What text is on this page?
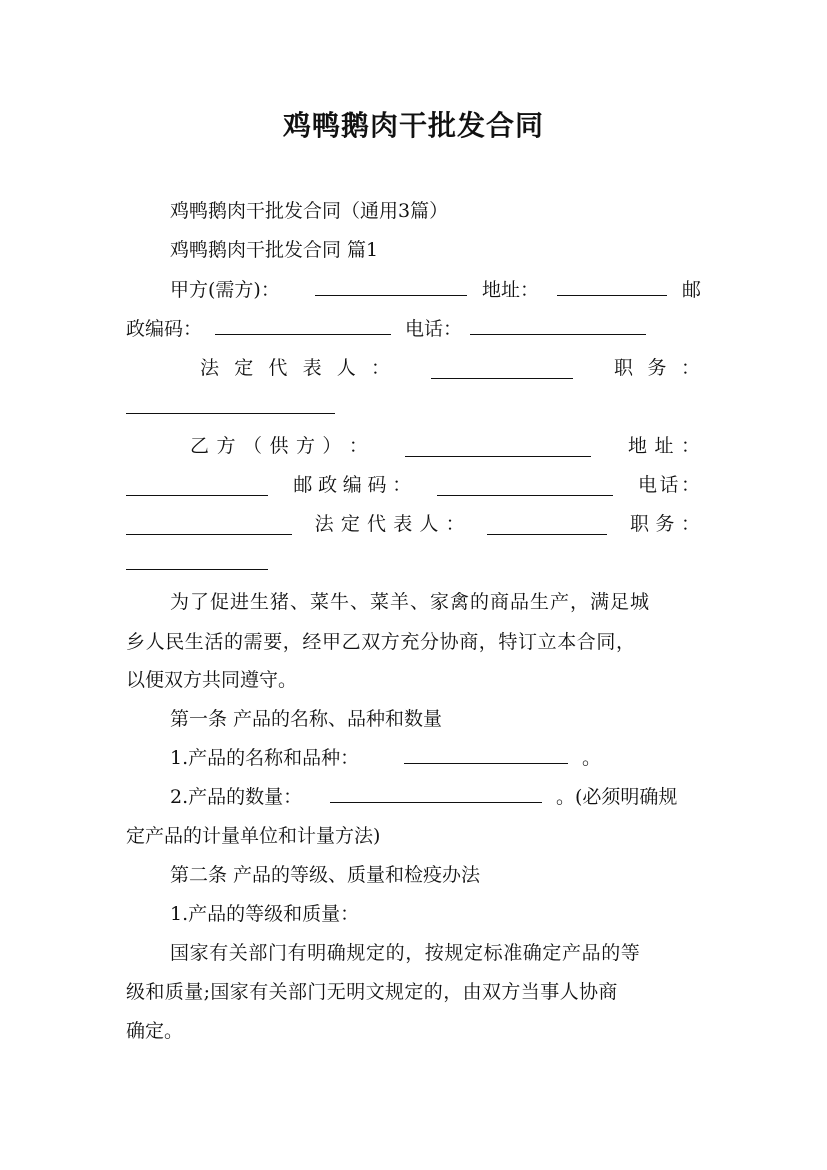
鸡鸭鹅肉干批发合同
鸡鸭鹅肉干批发合同（通用3篇）
鸡鸭鹅肉干批发合同 篇1
甲方(需方)：	地址：	邮
政编码：	电话：
法 定 代 表 人 ：	职 务 ：
乙 方 （ 供 方 ） ：	地 址 ：
邮 政 编 码 ：	电 话 ：
法 定 代 表 人 ：	职 务 ：
为了促进生猪、菜牛、菜羊、家禽的商品生产，满足城
乡人民生活的需要，经甲乙双方充分协商，特订立本合同，
以便双方共同遵守。
第一条 产品的名称、品种和数量
1.产品的名称和品种：	。
2.产品的数量：	。(必须明确规
定产品的计量单位和计量方法)
第二条 产品的等级、质量和检疫办法
1.产品的等级和质量：
国家有关部门有明确规定的，按规定标准确定产品的等
级和质量;国家有关部门无明文规定的，由双方当事人协商
确定。
